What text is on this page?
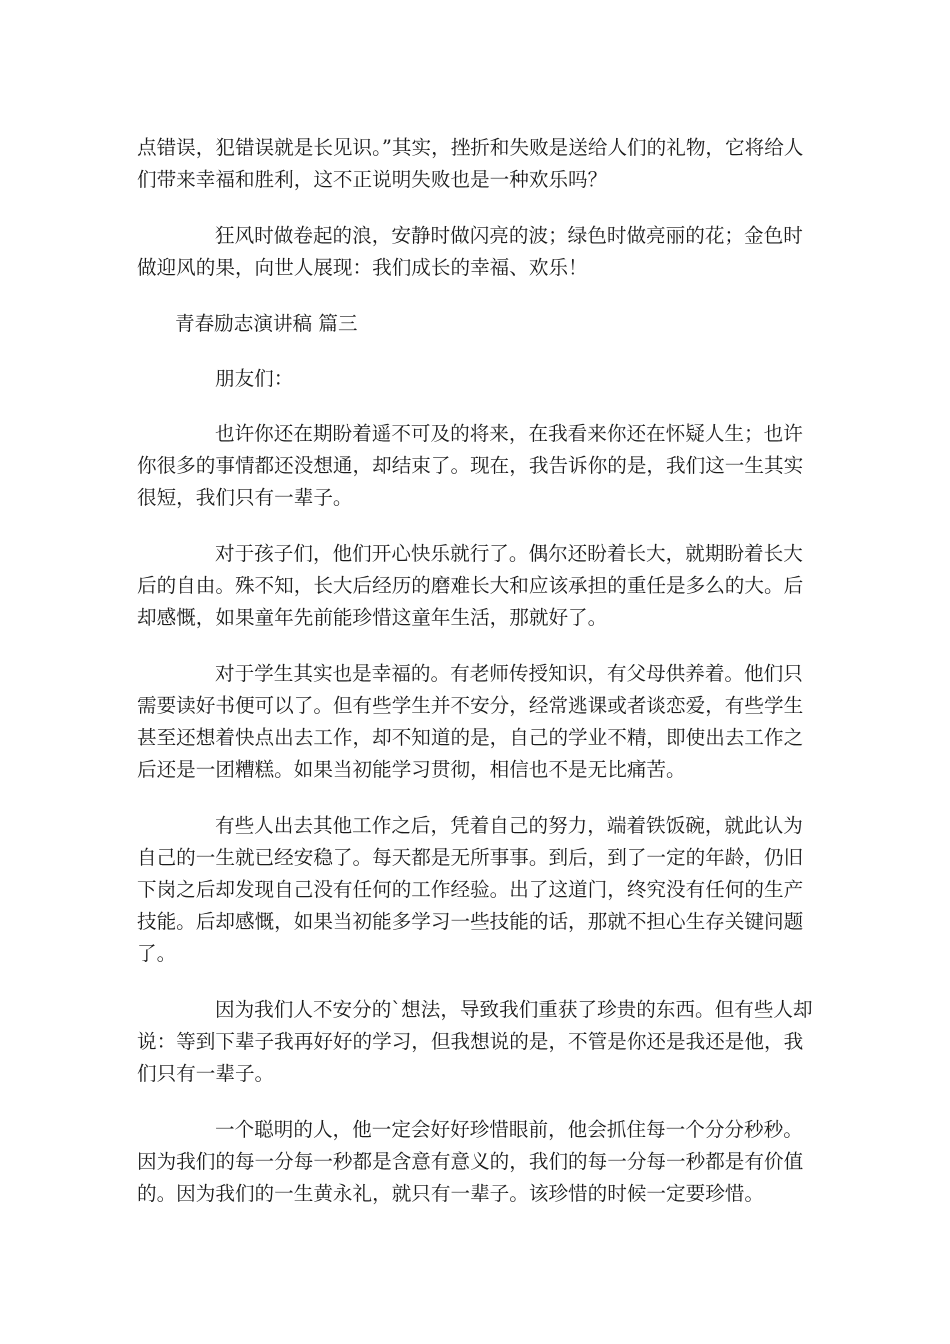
点错误，犯错误就是长见识。”其实，挫折和失败是送给人们的礼物，它将给人们带来幸福和胜利，这不正说明失败也是一种欢乐吗？

狂风时做卷起的浪，安静时做闪亮的波；绿色时做亮丽的花；金色时做迎风的果，向世人展现：我们成长的幸福、欢乐！

青春励志演讲稿 篇三

朋友们：

也许你还在期盼着遥不可及的将来，在我看来你还在怀疑人生；也许你很多的事情都还没想通，却结束了。现在，我告诉你的是，我们这一生其实很短，我们只有一辈子。

对于孩子们，他们开心快乐就行了。偶尔还盼着长大，就期盼着长大后的自由。殊不知，长大后经历的磨难长大和应该承担的重任是多么的大。后却感慨，如果童年先前能珍惜这童年生活，那就好了。

对于学生其实也是幸福的。有老师传授知识，有父母供养着。他们只需要读好书便可以了。但有些学生并不安分，经常逃课或者谈恋爱，有些学生甚至还想着快点出去工作，却不知道的是，自己的学业不精，即使出去工作之后还是一团糟糕。如果当初能学习贯彻，相信也不是无比痛苦。

有些人出去其他工作之后，凭着自己的努力，端着铁饭碗，就此认为自己的一生就已经安稳了。每天都是无所事事。到后，到了一定的年龄，仍旧下岗之后却发现自己没有任何的工作经验。出了这道门，终究没有任何的生产技能。后却感慨，如果当初能多学习一些技能的话，那就不担心生存关键问题了。

因为我们人不安分的`想法，导致我们重获了珍贵的东西。但有些人却说：等到下辈子我再好好的学习，但我想说的是，不管是你还是我还是他，我们只有一辈子。

一个聪明的人，他一定会好好珍惜眼前，他会抓住每一个分分秒秒。因为我们的每一分每一秒都是含意有意义的，我们的每一分每一秒都是有价值的。因为我们的一生黄永礼，就只有一辈子。该珍惜的时候一定要珍惜。
